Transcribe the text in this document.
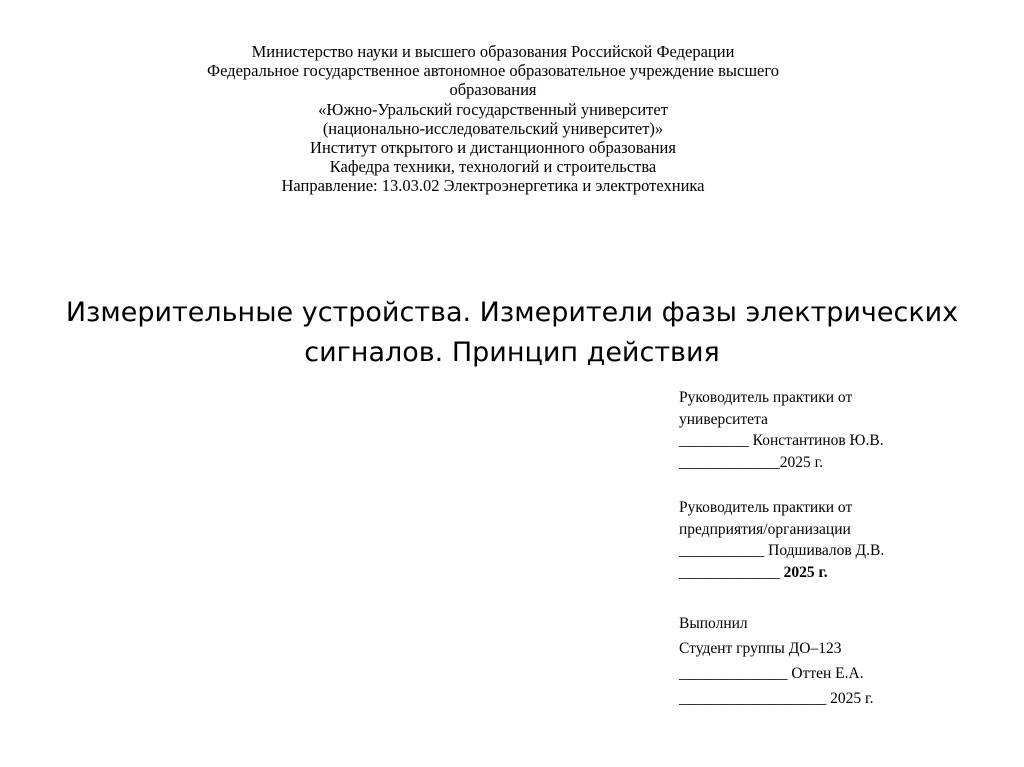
Министерство науки и высшего образования Российской Федерации
Федеральное государственное автономное образовательное учреждение высшего
образования
«Южно-Уральский государственный университет
(национально-исследовательский университет)»
Институт открытого и дистанционного образования
Кафедра техники, технологий и строительства
Направление: 13.03.02 Электроэнергетика и электротехника
Измерительные устройства. Измерители фазы электрических
сигналов. Принцип действия
Руководитель практики от
университета
_________ Константинов Ю.В.
_____________2025 г.
Руководитель практики от
предприятия/организации
___________ Подшивалов Д.В.
_____________ 2025 г.
Выполнил
Студент группы ДО–123
______________ Оттен Е.А.
___________________ 2025 г.
